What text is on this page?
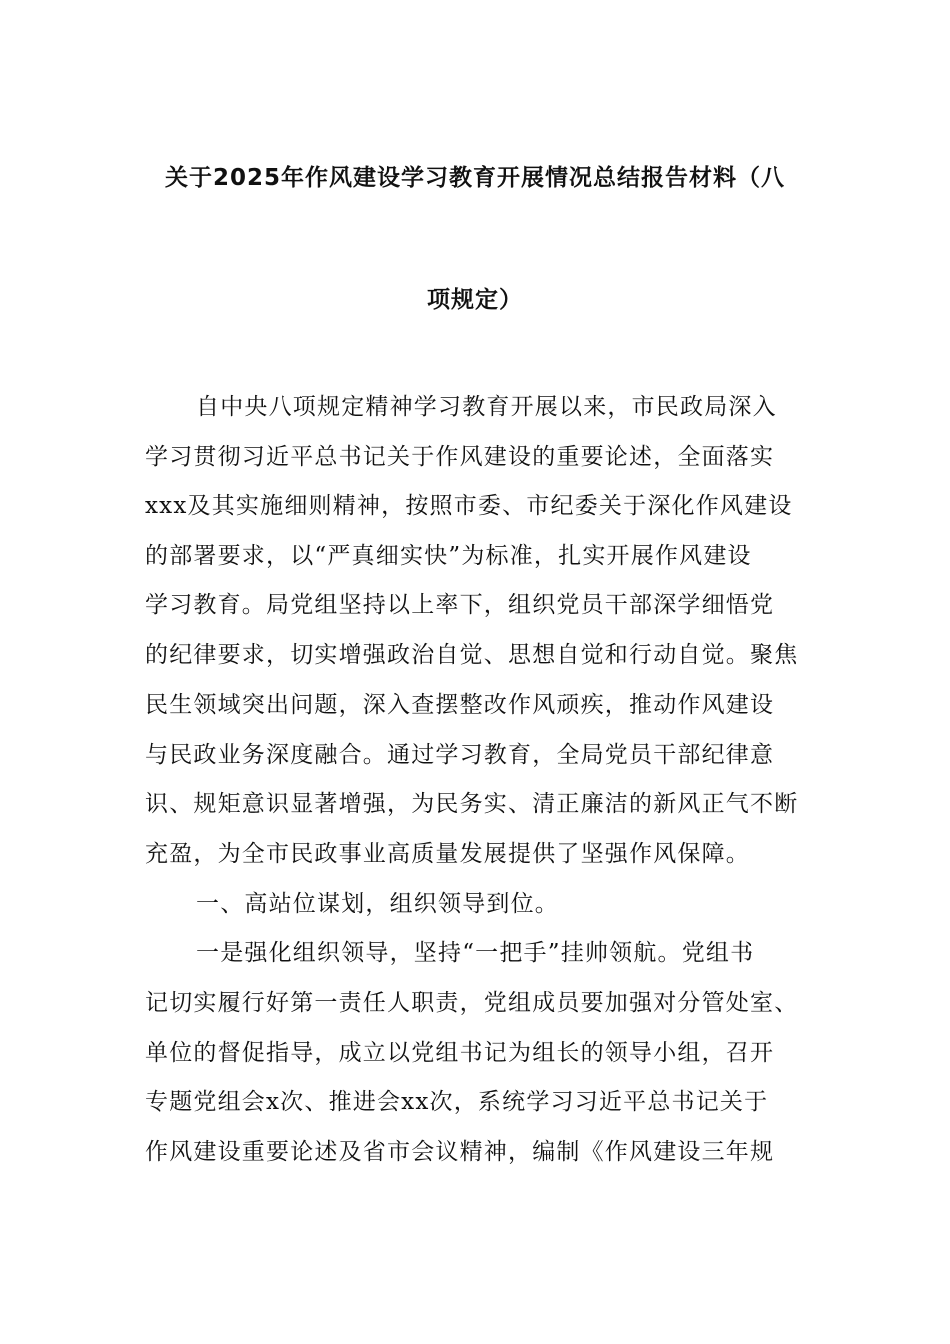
关于2025年作风建设学习教育开展情况总结报告材料（八
项规定）
自中央八项规定精神学习教育开展以来，市民政局深入
学习贯彻习近平总书记关于作风建设的重要论述，全面落实
xxx及其实施细则精神，按照市委、市纪委关于深化作风建设
的部署要求，以“严真细实快”为标准，扎实开展作风建设
学习教育。局党组坚持以上率下，组织党员干部深学细悟党
的纪律要求，切实增强政治自觉、思想自觉和行动自觉。聚焦
民生领域突出问题，深入查摆整改作风顽疾，推动作风建设
与民政业务深度融合。通过学习教育，全局党员干部纪律意
识、规矩意识显著增强，为民务实、清正廉洁的新风正气不断
充盈，为全市民政事业高质量发展提供了坚强作风保障。
一、高站位谋划，组织领导到位。
一是强化组织领导，坚持“一把手”挂帅领航。党组书
记切实履行好第一责任人职责，党组成员要加强对分管处室、
单位的督促指导，成立以党组书记为组长的领导小组，召开
专题党组会x次、推进会xx次，系统学习习近平总书记关于
作风建设重要论述及省市会议精神，编制《作风建设三年规
